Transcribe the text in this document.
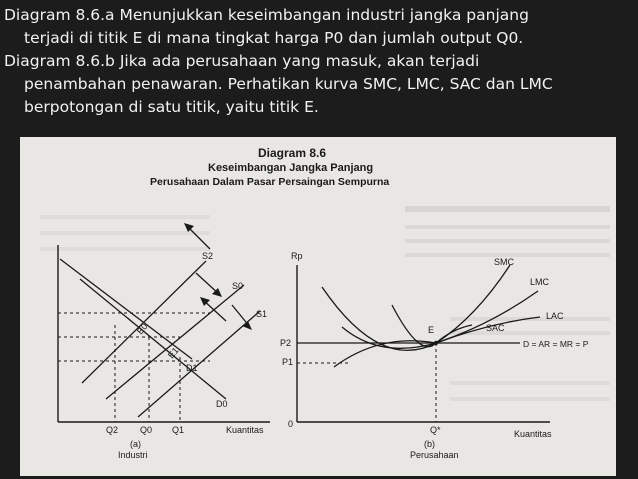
Diagram 8.6.a Menunjukkan keseimbangan industri jangka panjang
terjadi di titik E di mana tingkat harga P0 dan jumlah output Q0.

Diagram 8.6.b Jika ada perusahaan yang masuk, akan terjadi
penambahan penawaran. Perhatikan kurva SMC, LMC, SAC dan LMC berpotongan di satu titik, yaitu titik E.

Diagram 8.6
Keseimbangan Jangka Panjang
Perusahaan Dalam Pasar Persaingan Sempurna
S2
S0
S1
D0
D1
E0
E1
Q2 Q0 Q1	Kuantitas
(a)
Industri
Rp
SMC
LMC
LAC
SAC
E
D = AR = MR = P
P2
P1
0
Q*	Kuantitas
(b)
Perusahaan
